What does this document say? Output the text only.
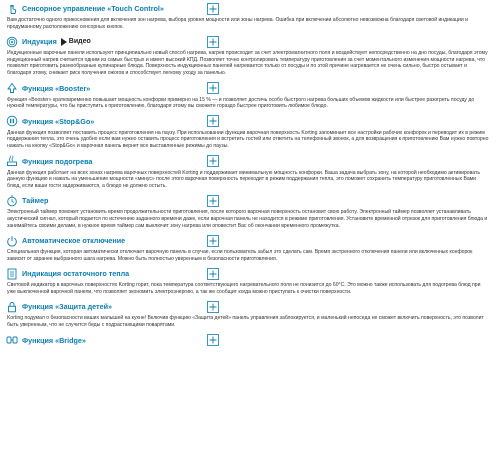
Сенсорное управление «Touch Control»
Вам достаточно одного прикосновения для включения зон нагрева, выбора уровня мощности или зоны нагрева. Ошибка при включении абсолютно невозможна благодаря световой индикации и продуманному расположению сенсорных кнопок.
Индукция Видео
Индукционные варочные панели используют принципиально новый способ нагрева, нагрев происходит за счет электромагнитного поля и воздействует непосредственно на дно посуды, благодаря этому индукционный нагрев считается одним из самых быстрых и имеет высокий КПД. Позволяет точно контролировать температуру приготовления за счет моментального изменения мощности нагрева, что позволит приготовить разнообразные кулинарные блюда. Поверхность индукционных панелей нагревается только от посуды и по этой причине нагревается не очень сильно, быстро остывает и благодаря этому, снижает риск получения ожогов и способствует легкому уходу за панелью.
Функция «Booster»
Функция «Booster» кратковременно повышает мощность конфорки примерно на 15 % — и позволяет достичь особо быстрого нагрева больших объемов жидкости или быстрее разогреть посуду до нужной температуры, что бы приступить к приготовлению, благодаря этому вы сможете гораздо быстрее приготовить любимое блюдо.
Функция «Stop&Go»
Данная функция позволяет поставить процесс приготовления на паузу. При использовании функции варочная поверхность Korting запоминает все настройки рабочих конфорок и переводит их в режим поддержания тепла, это очень удобно если вам нужно оставить процесс приготовления и встретить гостей или ответить на телефонный звонок, а для возвращения к приготовлению Вам нужно повторно нажать на кнопку «Stop&Go» и варочная панель вернет все выставленные режимы до паузы.
Функция подогрева
Данная функция работает на всех зонах нагрева варочных поверхностей Korting и поддерживает минимальную мощность конфорки. Ваша задача выбрать зону, на которой необходимо активировать данную функцию и нажать на уменьшение мощности «минус» после этого варочная поверхность переходит в режим поддержания тепла, это поможет сохранить температуру приготовленных Вами блюд, если ваши гости задерживаются, а блюдо не должно остыть.
Таймер
Электронный таймер поможет установить время продолжительности приготовления, после которого варочная поверхность остановит свою работу. Электронный таймер позволяет устанавливать акустический сигнал, который подается по истечению заданного времени даже, если варочная панель не находится в режиме приготовления. Установите временной отрезок для приготовления блюда и занимайтесь своими делами, в нужное время таймер сам выключит зону нагрева или оповестит Вас об окончании временного промежутка.
Автоматическое отключение
Специальная функция, которая автоматически отключает варочную панель в случае, если пользователь забыл это сделать сам. Время экстренного отключения панели или включенных конфорок зависит от заранее выбранного шага нагрева. Можно быть полностью уверенным в безопасности приготовления.
Индикация остаточного тепла
Световой индикатор в варочных поверхностях Korting горит, пока температура соответствующего нагревательного поля не понизится до 60°C. Это можно также использовать для подогрева блюд при уже выключенной варочной панели, что позволяет экономить электроэнергию, а так же сообщит когда можно приступать к очистки поверхности.
Функция «Защита детей»
Korting подумал о безопасности ваших малышей на кухне! Включив функцию «Защита детей» панель управления заблокируется, и маленький непоседа не сможет включить поверхность, это позволит быть уверенным, что не случится беды с подрастающими поварятами.
Функция «Bridge»
